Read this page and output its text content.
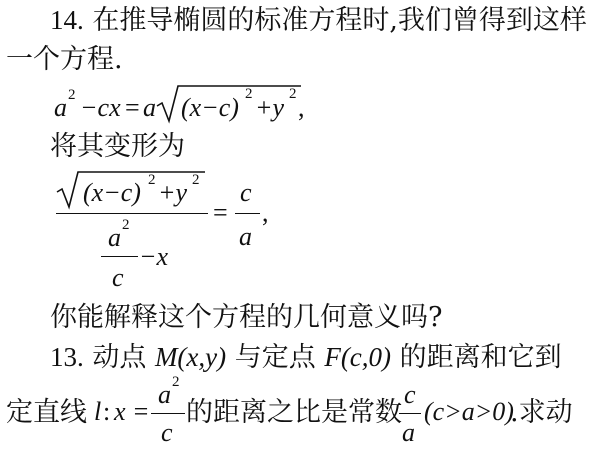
14. 在推导椭圆的标准方程时,我们曾得到这样
一个方程.
a 2 −cx = a (x−c) 2 +y 2 ,
将其变形为
(x−c) 2 +y 2
a 2
c
−x
=
c
a
,
你能解释这个方程的几何意义吗?
13. 动点 M(x,y) 与定点 F(c,0) 的距离和它到
定直线 l : x =
a 2
c
的距离之比是常数
c
a
(c>a>0)
.求动
